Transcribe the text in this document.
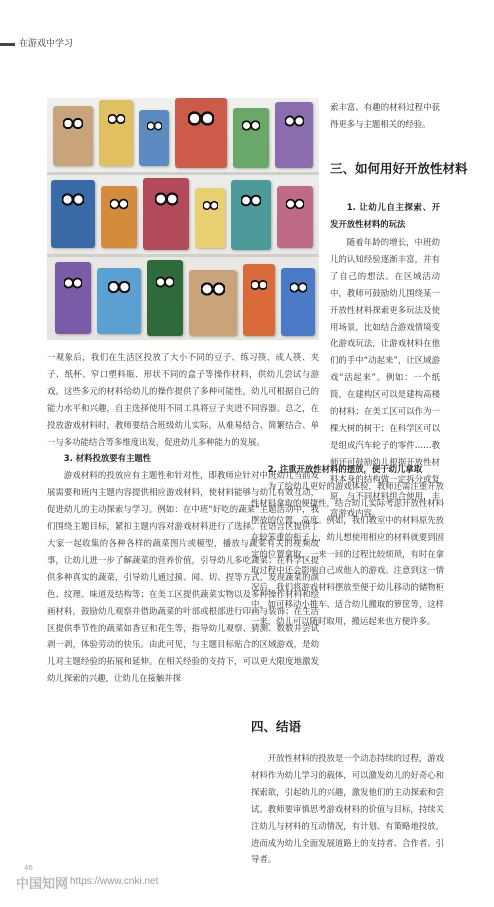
在游戏中学习

一观象后，我们在生活区投放了大小不同的豆子、练习筷、成人筷、夹子、纸杯、窄口塑料瓶、形状不同的盒子等操作材料，供幼儿尝试与游戏。这些多元的材料给幼儿的操作提供了多种可能性，幼儿可根据自己的能力水平和兴趣，自主选择使用不同工具将豆子夹进不同容器。总之，在投放游戏材料时，教师要结合班级幼儿实际，从难易结合、简繁结合、单一与多功能结合等多维度出发，促进幼儿多种能力的发展。

3. 材料投放要有主题性

游戏材料的投放应有主题性和针对性，即教师应针对中班幼儿当前发展需要和班内主题内容提供相应游戏材料，使材料能够与幼儿有效互动，促进幼儿的主动探索与学习。例如：在中班“好吃的蔬菜”主题活动中，我们围绕主题目标，紧扣主题内容对游戏材料进行了选择。在语言区提供了大家一起收集的各种各样的蔬菜图片或模型，播放与蔬菜有关的视频故事，让幼儿进一步了解蔬菜的营养价值，引导幼儿多吃蔬菜；在科学区提供多种真实的蔬菜，引导幼儿通过摸、闻、切、捏等方式，发现蔬菜的颜色、纹理、味道及结构等；在美工区提供蔬菜实物以及多种操作材料和绘画材料，鼓励幼儿观察并借助蔬菜的叶部或根部进行印画与装饰；在生活区提供季节性的蔬菜如香豆和花生等，指导幼儿观察、猜测、数数并尝试剥一剥，体验劳动的快乐。由此可见，与主题目标贴合的区域游戏，是幼儿对主题经验的拓展和延伸。在相关经验的支持下，可以更大限度地激发幼儿探索的兴趣，让幼儿在接触并探

索丰富、有趣的材料过程中获得更多与主题相关的经验。

三、如何用好开放性材料

1. 让幼儿自主探索、开发开放性材料的玩法

随着年龄的增长，中班幼儿的认知经验逐渐丰富，并有了自己的想法。在区域活动中，教师可鼓励幼儿围绕某一开放性材料探索更多玩法及使用场景，比如结合游戏情境变化游戏玩法，让游戏材料在他们的手中“动起来”，让区域游戏“活起来”。例如：一个纸筒，在建构区可以是建构高楼的材料；在美工区可以作为一棵大树的树干；在科学区可以是组成汽车轮子的零件……教师还可鼓励幼儿根据开放性材料本身的结构做一定拆分或复原，与不同材料组合使用，丰富游戏内容。

2. 注重开放性材料的摆放，便于幼儿拿取

为了给幼儿更好的游戏体验，教师还需注重开放性材料拿取的便捷性，结合幼儿实际考虑开放性材料摆放的位置、高度。例如，我们教室中的材料原先放在较笨重的柜子上，幼儿想使用相应的材料就要到固定的位置拿取，一来一回的过程比较烦琐，有时在拿取过程中还会影响自己或他人的游戏。注意到这一情况后，我们将游戏材料摆放至便于幼儿移动的储物柜中，如可移动小推车、适合幼儿搬取的箩筐等，这样一来，幼儿可以随时取用，搬运起来也方便许多。

四、结语

开放性材料的投放是一个动态持续的过程，游戏材料作为幼儿学习的载体，可以激发幼儿的好奇心和探索欲，引起幼儿的兴趣，激发他们的主动探索和尝试。教师要审慎思考游戏材料的价值与目标，持续关注幼儿与材料的互动情况，有计划、有策略地投放，进而成为幼儿全面发展道路上的支持者、合作者、引导者。

46
中国知网 https://www.cnki.net
